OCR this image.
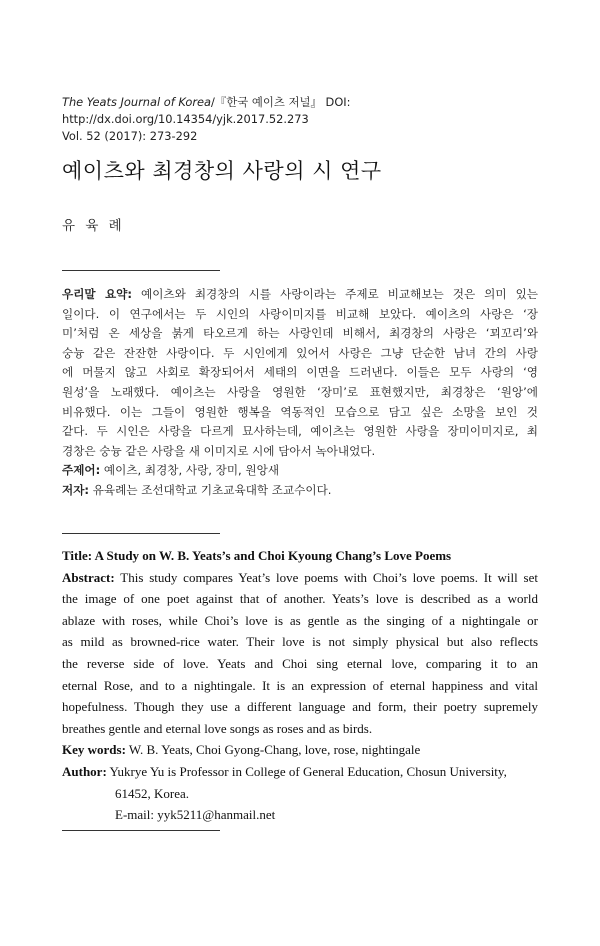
The Yeats Journal of Korea/『한국 예이츠 저널』 DOI: http://dx.doi.org/10.14354/yjk.2017.52.273
Vol. 52 (2017): 273-292
예이츠와 최경창의 사랑의 시 연구
유 육 례
우리말 요약: 예이츠와 최경창의 시를 사랑이라는 주제로 비교해보는 것은 의미 있는
일이다. 이 연구에서는 두 시인의 사랑이미지를 비교해 보았다. 예이츠의 사랑은 ‘장
미’처럼 온 세상을 붉게 타오르게 하는 사랑인데 비해서, 최경창의 사랑은 ‘꾀꼬리’와
숭늉 같은 잔잔한 사랑이다. 두 시인에게 있어서 사랑은 그냥 단순한 남녀 간의 사랑
에 머물지 않고 사회로 확장되어서 세태의 이면을 드러낸다. 이들은 모두 사랑의 ‘영
원성’을 노래했다. 예이츠는 사랑을 영원한 ‘장미’로 표현했지만, 최경창은 ‘원앙’에
비유했다. 이는 그들이 영원한 행복을 역동적인 모습으로 담고 싶은 소망을 보인 것
같다. 두 시인은 사랑을 다르게 묘사하는데, 예이츠는 영원한 사랑을 장미이미지로, 최
경창은 숭늉 같은 사랑을 새 이미지로 시에 담아서 녹아내었다.
주제어: 예이츠, 최경창, 사랑, 장미, 원앙새
저자: 유육례는 조선대학교 기초교육대학 조교수이다.
Title: A Study on W. B. Yeats’s and Choi Kyoung Chang’s Love Poems
Abstract: This study compares Yeat’s love poems with Choi’s love poems. It will set
the image of one poet against that of another. Yeats’s love is described as a world
ablaze with roses, while Choi’s love is as gentle as the singing of a nightingale or
as mild as browned-rice water. Their love is not simply physical but also reflects
the reverse side of love. Yeats and Choi sing eternal love, comparing it to an
eternal Rose, and to a nightingale. It is an expression of eternal happiness and vital
hopefulness. Though they use a different language and form, their poetry supremely
breathes gentle and eternal love songs as roses and as birds.
Key words: W. B. Yeats, Choi Gyong-Chang, love, rose, nightingale
Author: Yukrye Yu is Professor in College of General Education, Chosun University,
61452, Korea.
E-mail: yyk5211@hanmail.net
